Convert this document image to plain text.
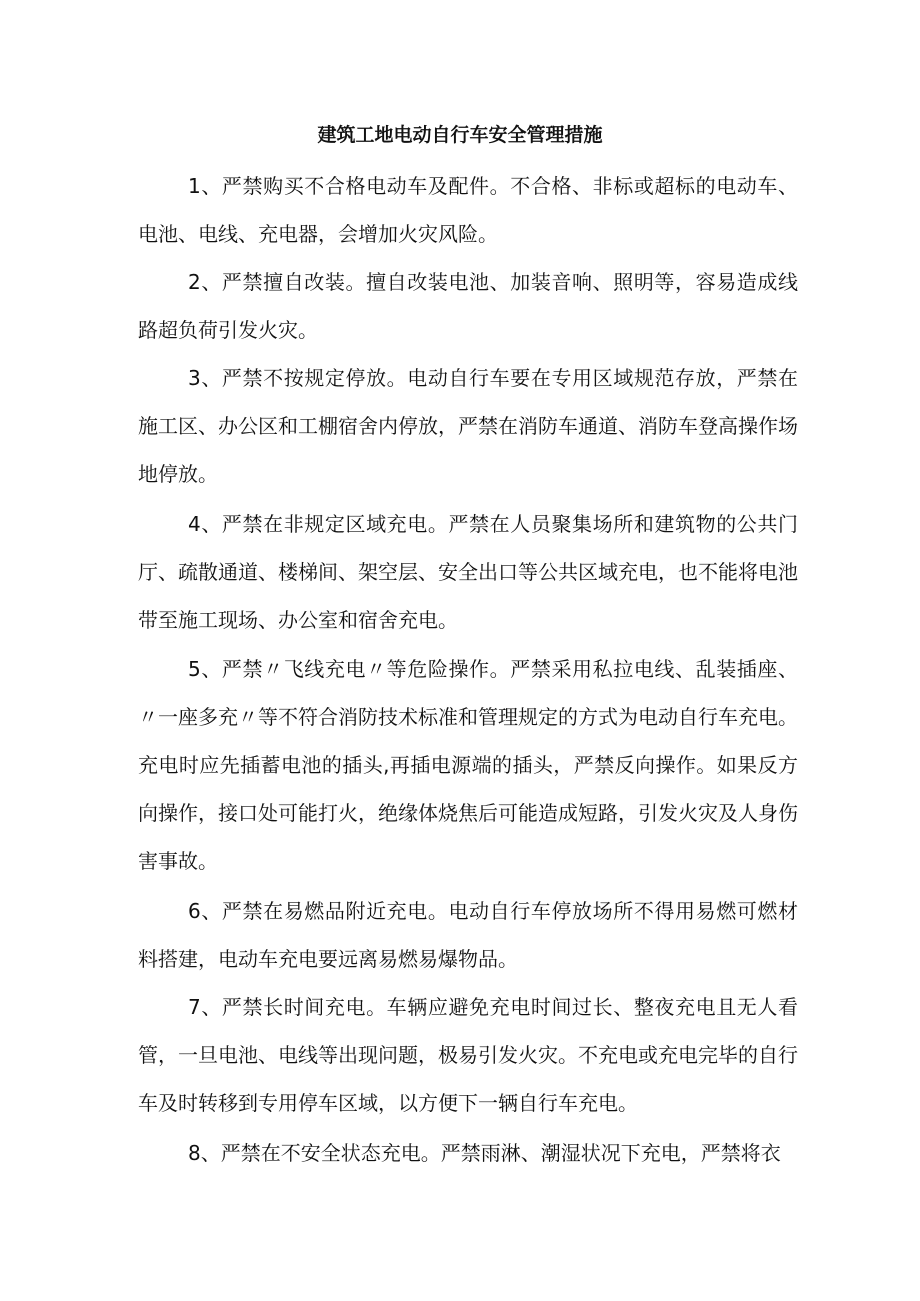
建筑工地电动自行车安全管理措施

1、严禁购买不合格电动车及配件。不合格、非标或超标的电动车、电池、电线、充电器，会增加火灾风险。

2、严禁擅自改装。擅自改装电池、加装音响、照明等，容易造成线路超负荷引发火灾。

3、严禁不按规定停放。电动自行车要在专用区域规范存放，严禁在施工区、办公区和工棚宿舍内停放，严禁在消防车通道、消防车登高操作场地停放。

4、严禁在非规定区域充电。严禁在人员聚集场所和建筑物的公共门厅、疏散通道、楼梯间、架空层、安全出口等公共区域充电，也不能将电池带至施工现场、办公室和宿舍充电。

5、严禁〃飞线充电〃等危险操作。严禁采用私拉电线、乱装插座、〃一座多充〃等不符合消防技术标准和管理规定的方式为电动自行车充电。充电时应先插蓄电池的插头,再插电源端的插头，严禁反向操作。如果反方向操作，接口处可能打火，绝缘体烧焦后可能造成短路，引发火灾及人身伤害事故。

6、严禁在易燃品附近充电。电动自行车停放场所不得用易燃可燃材料搭建，电动车充电要远离易燃易爆物品。

7、严禁长时间充电。车辆应避免充电时间过长、整夜充电且无人看管，一旦电池、电线等出现问题，极易引发火灾。不充电或充电完毕的自行车及时转移到专用停车区域，以方便下一辆自行车充电。

8、严禁在不安全状态充电。严禁雨淋、潮湿状况下充电，严禁将衣
